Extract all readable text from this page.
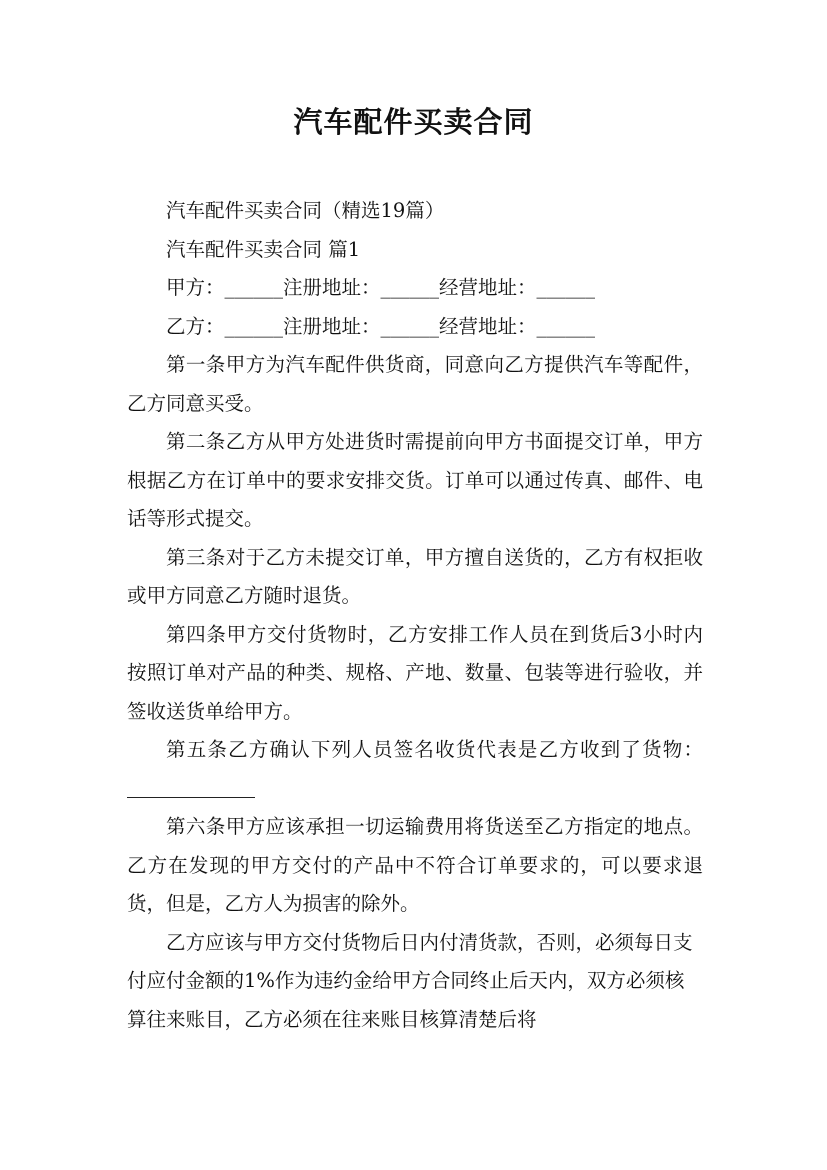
汽车配件买卖合同

汽车配件买卖合同（精选19篇）

汽车配件买卖合同 篇1

甲方：______注册地址：______经营地址：______

乙方：______注册地址：______经营地址：______

第一条甲方为汽车配件供货商，同意向乙方提供汽车等配件，乙方同意买受。

第二条乙方从甲方处进货时需提前向甲方书面提交订单，甲方根据乙方在订单中的要求安排交货。订单可以通过传真、邮件、电话等形式提交。

第三条对于乙方未提交订单，甲方擅自送货的，乙方有权拒收或甲方同意乙方随时退货。

第四条甲方交付货物时，乙方安排工作人员在到货后3小时内按照订单对产品的种类、规格、产地、数量、包装等进行验收，并签收送货单给甲方。

第五条乙方确认下列人员签名收货代表是乙方收到了货物：

第六条甲方应该承担一切运输费用将货送至乙方指定的地点。乙方在发现的甲方交付的产品中不符合订单要求的，可以要求退货，但是，乙方人为损害的除外。

乙方应该与甲方交付货物后日内付清货款，否则，必须每日支付应付金额的1%作为违约金给甲方合同终止后天内，双方必须核算往来账目，乙方必须在往来账目核算清楚后将
